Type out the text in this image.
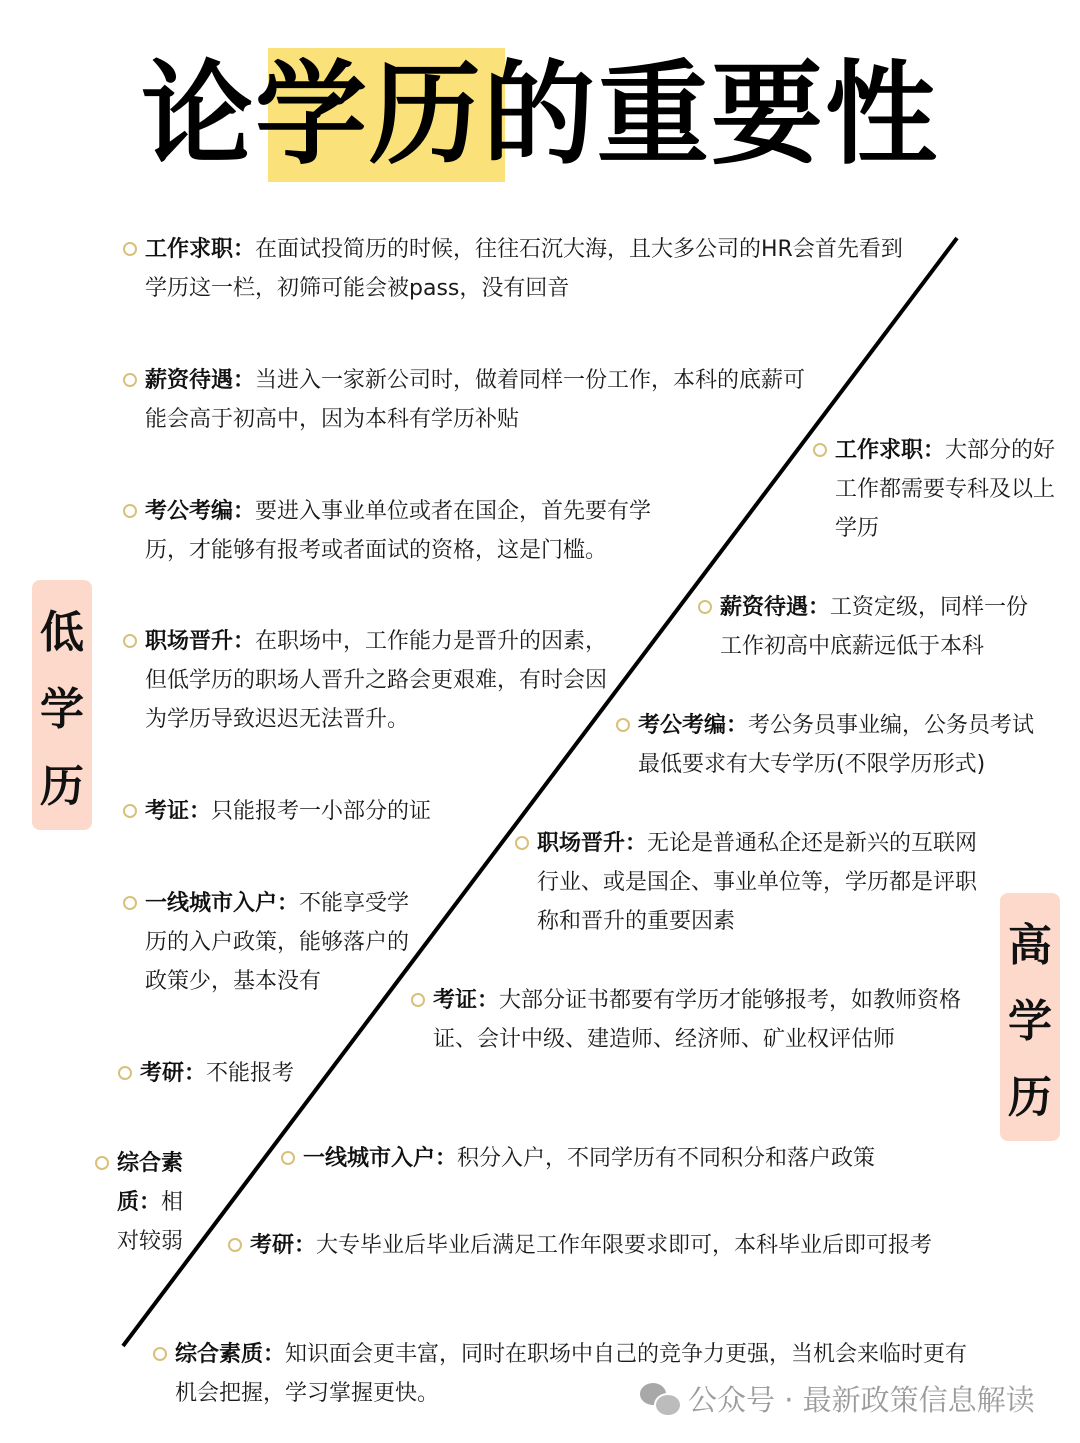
论学历的重要性
低
学
历
高
学
历
工作求职：在面试投简历的时候，往往石沉大海，且大多公司的HR会首先看到学历这一栏，初筛可能会被pass，没有回音
薪资待遇：当进入一家新公司时，做着同样一份工作，本科的底薪可能会高于初高中，因为本科有学历补贴
考公考编：要进入事业单位或者在国企，首先要有学历，才能够有报考或者面试的资格，这是门槛。
职场晋升：在职场中，工作能力是晋升的因素，但低学历的职场人晋升之路会更艰难，有时会因为学历导致迟迟无法晋升。
考证：只能报考一小部分的证
一线城市入户：不能享受学历的入户政策，能够落户的政策少，基本没有
考研：不能报考
综合素质：相对较弱
工作求职：大部分的好工作都需要专科及以上学历
薪资待遇：工资定级，同样一份工作初高中底薪远低于本科
考公考编：考公务员事业编，公务员考试最低要求有大专学历(不限学历形式)
职场晋升：无论是普通私企还是新兴的互联网行业、或是国企、事业单位等，学历都是评职称和晋升的重要因素
考证：大部分证书都要有学历才能够报考，如教师资格证、会计中级、建造师、经济师、矿业权评估师
一线城市入户：积分入户，不同学历有不同积分和落户政策
考研：大专毕业后毕业后满足工作年限要求即可，本科毕业后即可报考
综合素质：知识面会更丰富，同时在职场中自己的竞争力更强，当机会来临时更有机会把握，学习掌握更快。	公众号 · 最新政策信息解读
